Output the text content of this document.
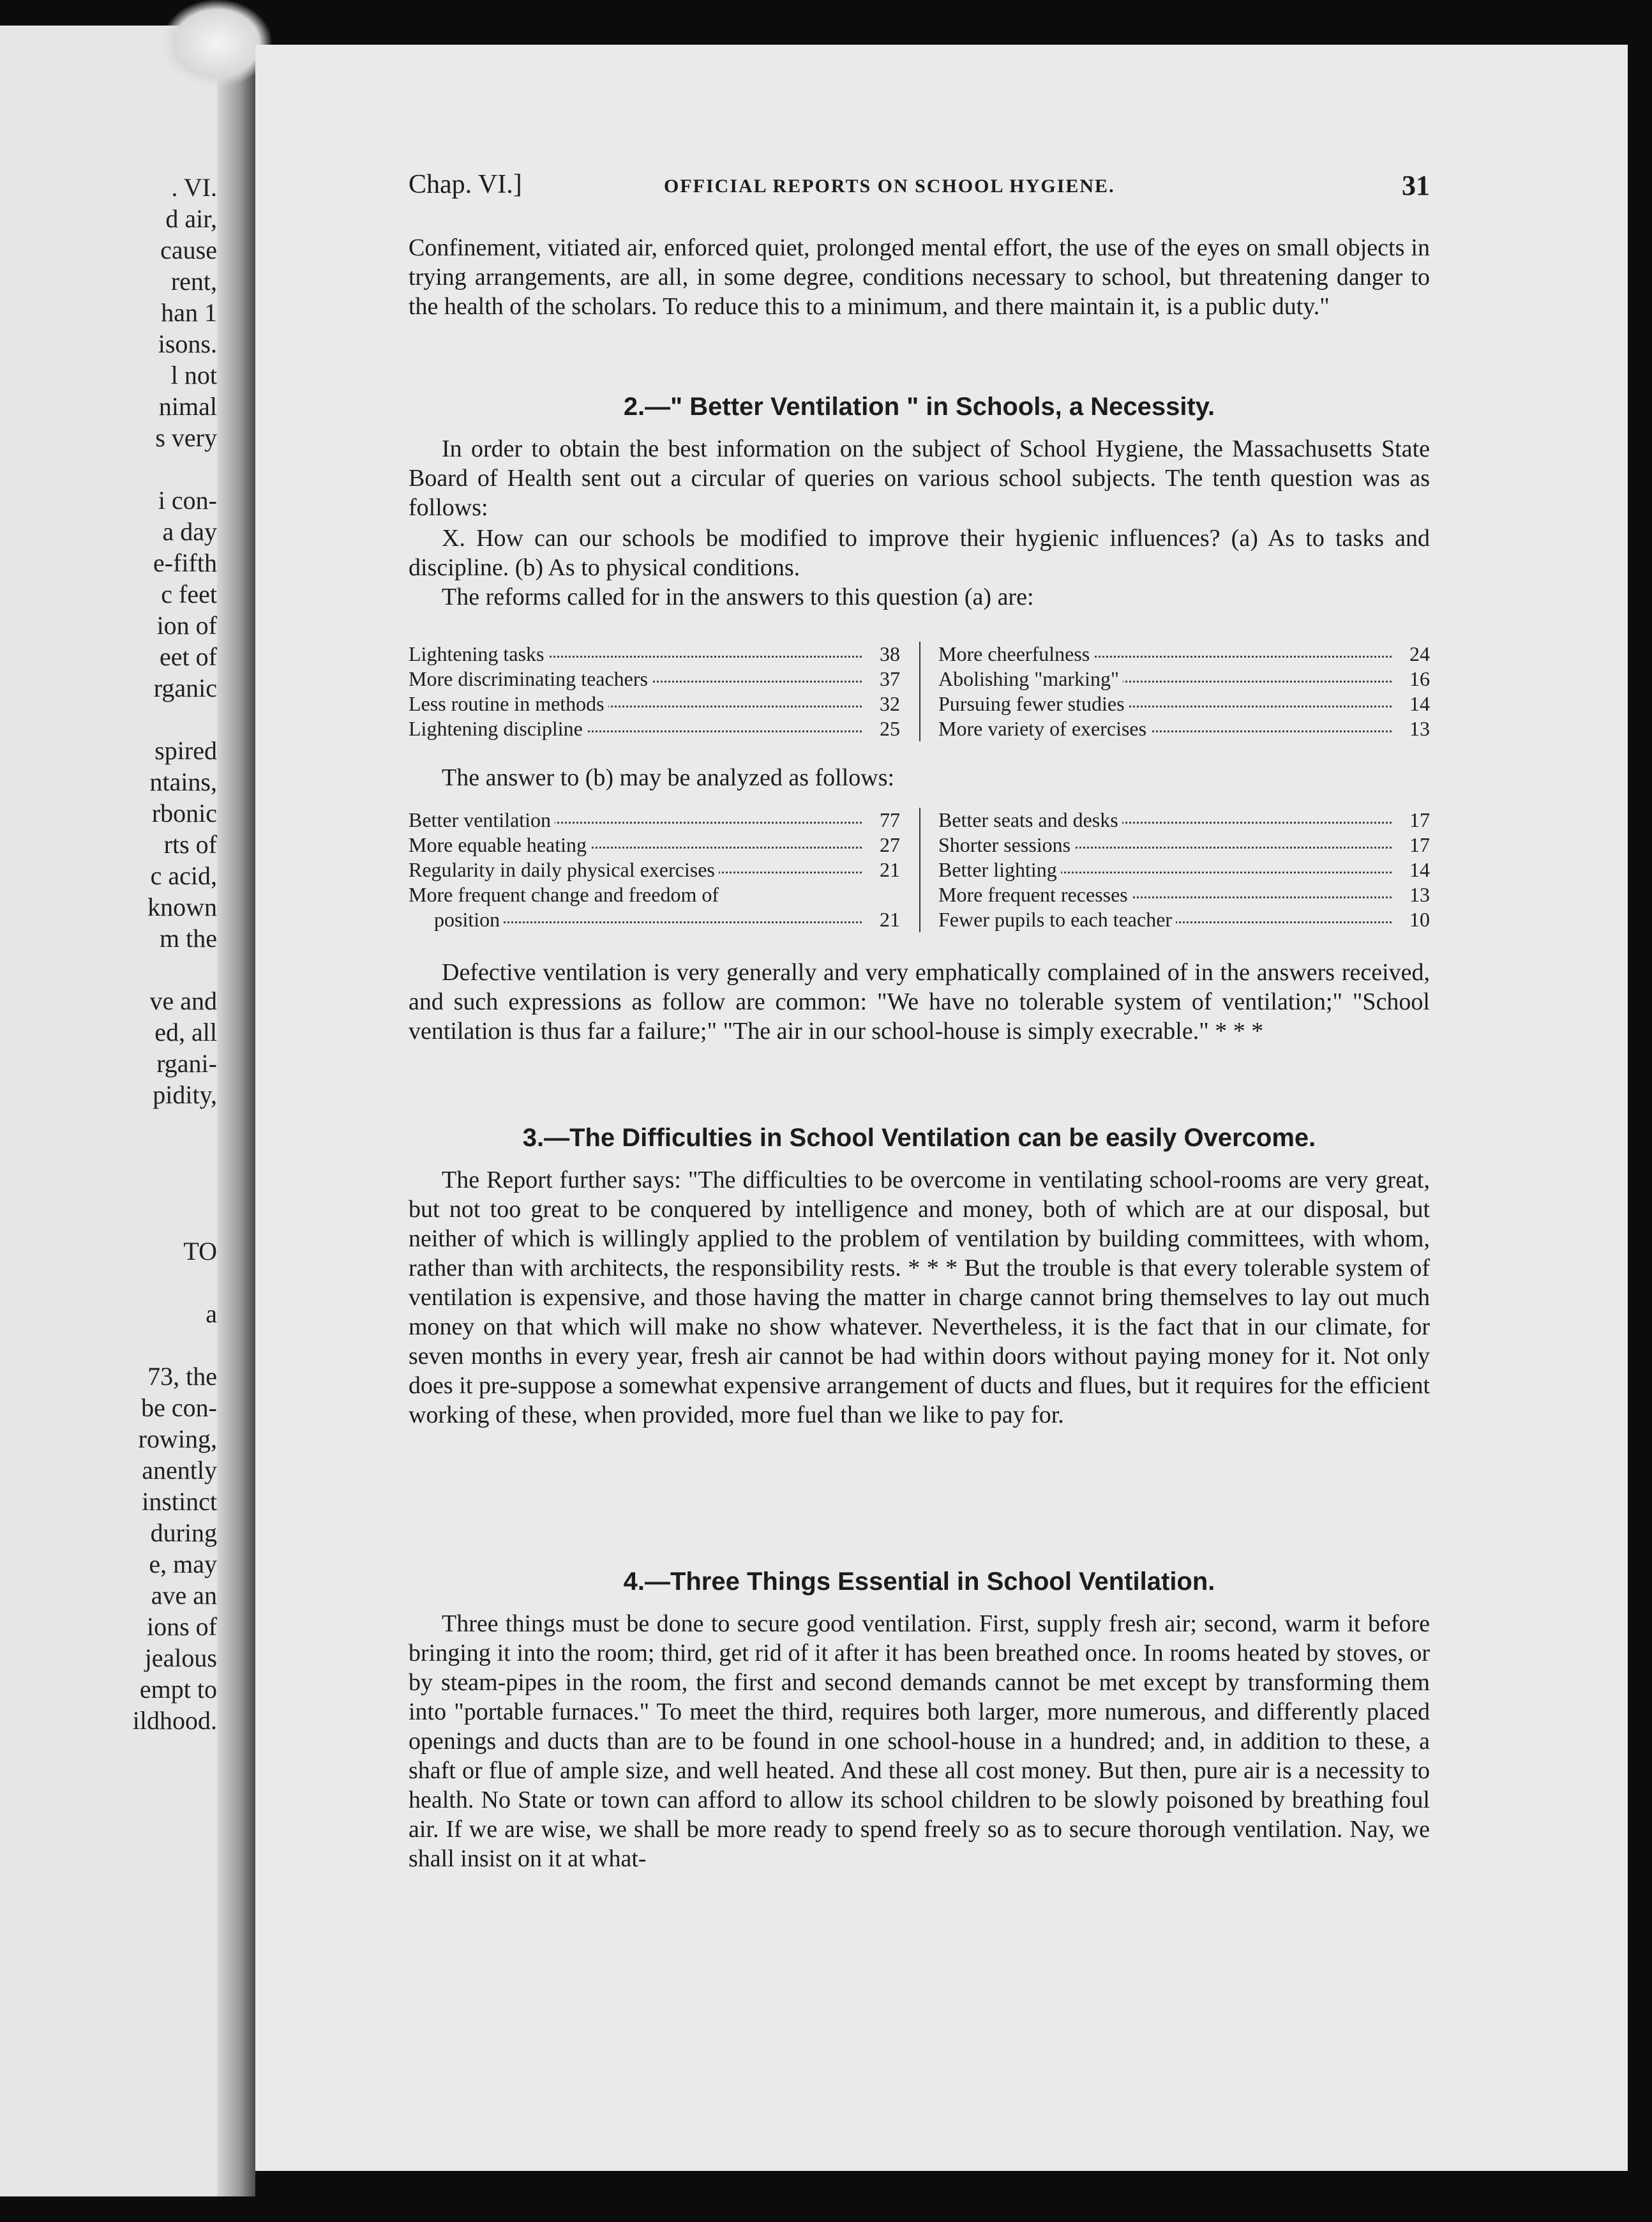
. VI.
d air,
cause
rent,
han 1
isons.
l not
nimal
s very
i con-
a day
e-fifth
c feet
ion of
eet of
rganic
spired
ntains,
rbonic
rts of
c acid,
known
m the
ve and
ed, all
rgani-
pidity,
TO
a
73, the
be con-
rowing,
anently
instinct
during
e, may
ave an
ions of
jealous
empt to
ildhood.
Chap. VI.]	OFFICIAL REPORTS ON SCHOOL HYGIENE.	31

Confinement, vitiated air, enforced quiet, prolonged mental effort, the use of the eyes on small objects in trying arrangements, are all, in some degree, conditions necessary to school, but threatening danger to the health of the scholars. To reduce this to a minimum, and there maintain it, is a public duty."

2.—" Better Ventilation " in Schools, a Necessity.

In order to obtain the best information on the subject of School Hygiene, the Massachusetts State Board of Health sent out a circular of queries on various school subjects. The tenth question was as follows:

X. How can our schools be modified to improve their hygienic influences? (a) As to tasks and discipline. (b) As to physical conditions.

The reforms called for in the answers to this question (a) are:

Lightening tasks	38
More discriminating teachers	37
Less routine in methods	32
Lightening discipline	25
More cheerfulness	24
Abolishing "marking"	16
Pursuing fewer studies	14
More variety of exercises	13

The answer to (b) may be analyzed as follows:

Better ventilation	77
More equable heating	27
Regularity in daily physical exercises	21
More frequent change and freedom of
position	21
Better seats and desks	17
Shorter sessions	17
Better lighting	14
More frequent recesses	13
Fewer pupils to each teacher	10

Defective ventilation is very generally and very emphatically complained of in the answers received, and such expressions as follow are common: "We have no tolerable system of ventilation;" "School ventilation is thus far a failure;" "The air in our school-house is simply execrable." * * *

3.—The Difficulties in School Ventilation can be easily Overcome.

The Report further says: "The difficulties to be overcome in ventilating school-rooms are very great, but not too great to be conquered by intelligence and money, both of which are at our disposal, but neither of which is willingly applied to the problem of ventilation by building committees, with whom, rather than with architects, the responsibility rests. * * * But the trouble is that every tolerable system of ventilation is expensive, and those having the matter in charge cannot bring themselves to lay out much money on that which will make no show whatever. Nevertheless, it is the fact that in our climate, for seven months in every year, fresh air cannot be had within doors without paying money for it. Not only does it pre-suppose a somewhat expensive arrangement of ducts and flues, but it requires for the efficient working of these, when provided, more fuel than we like to pay for.

4.—Three Things Essential in School Ventilation.

Three things must be done to secure good ventilation. First, supply fresh air; second, warm it before bringing it into the room; third, get rid of it after it has been breathed once. In rooms heated by stoves, or by steam-pipes in the room, the first and second demands cannot be met except by transforming them into "portable furnaces." To meet the third, requires both larger, more numerous, and differently placed openings and ducts than are to be found in one school-house in a hundred; and, in addition to these, a shaft or flue of ample size, and well heated. And these all cost money. But then, pure air is a necessity to health. No State or town can afford to allow its school children to be slowly poisoned by breathing foul air. If we are wise, we shall be more ready to spend freely so as to secure thorough ventilation. Nay, we shall insist on it at what-
